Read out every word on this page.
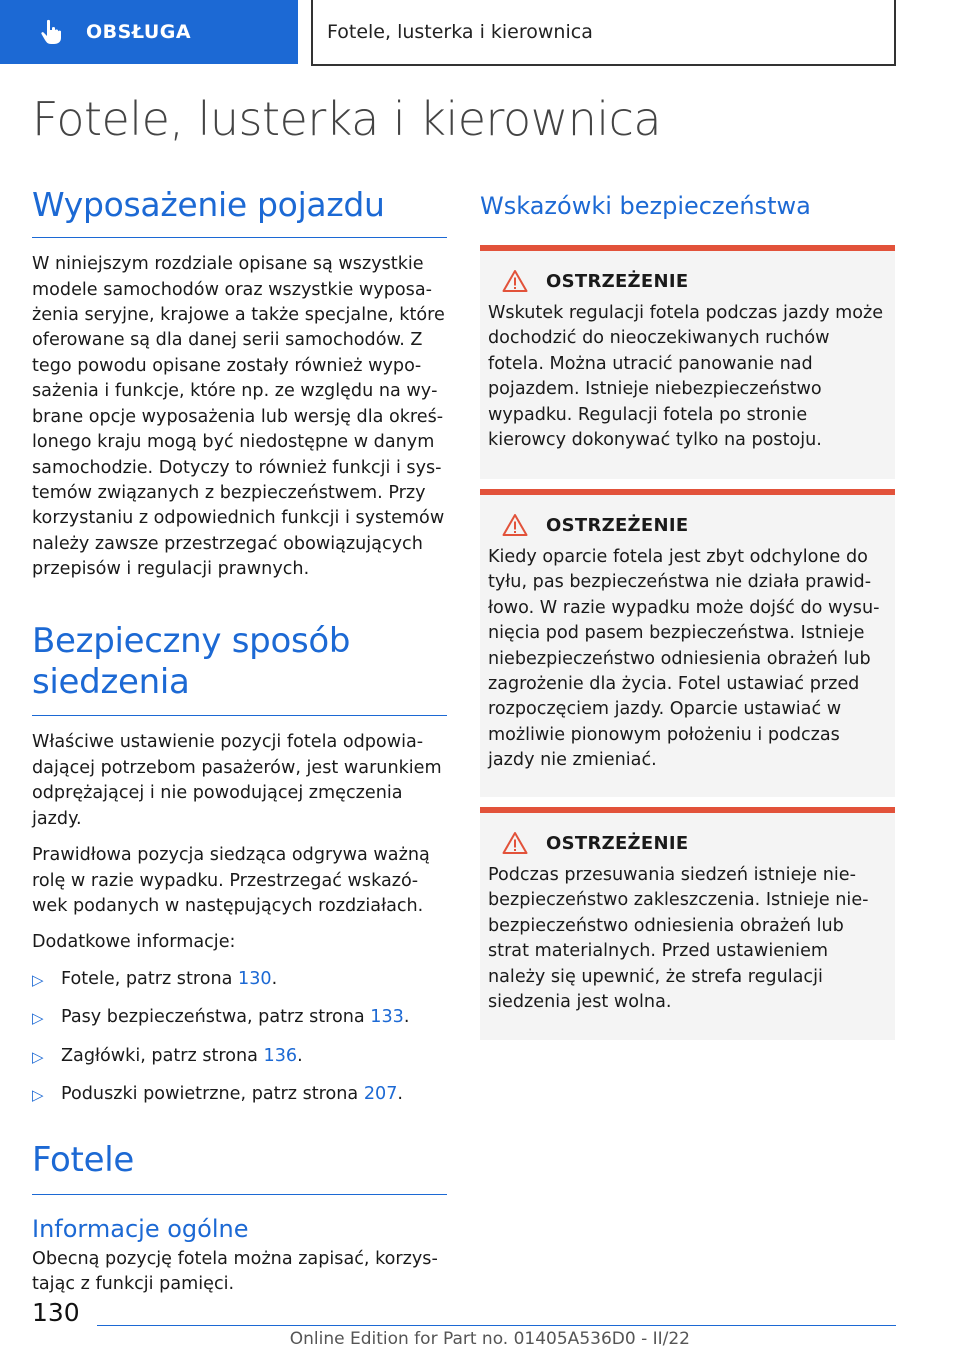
OBSŁUGA	Fotele, lusterka i kierownica
Fotele, lusterka i kierownica
Wyposażenie pojazdu

W niniejszym rozdziale opisane są wszystkie modele samochodów oraz wszystkie wyposażenia seryjne, krajowe a także specjalne, które oferowane są dla danej serii samochodów. Z tego powodu opisane zostały również wyposażenia i funkcje, które np. ze względu na wybrane opcje wyposażenia lub wersję dla określonego kraju mogą być niedostępne w danym samochodzie. Dotyczy to również funkcji i systemów związanych z bezpieczeństwem. Przy korzystaniu z odpowiednich funkcji i systemów należy zawsze przestrzegać obowiązujących przepisów i regulacji prawnych.

Bezpieczny sposób siedzenia

Właściwe ustawienie pozycji fotela odpowiadającej potrzebom pasażerów, jest warunkiem odprężającej i nie powodującej zmęczenia jazdy.

Prawidłowa pozycja siedząca odgrywa ważną rolę w razie wypadku. Przestrzegać wskazówek podanych w następujących rozdziałach.

Dodatkowe informacje:

▷ Fotele, patrz strona 130.
▷ Pasy bezpieczeństwa, patrz strona 133.
▷ Zagłówki, patrz strona 136.
▷ Poduszki powietrzne, patrz strona 207.
Fotele
Informacje ogólne

Obecną pozycję fotela można zapisać, korzystając z funkcji pamięci.

Wskazówki bezpieczeństwa
OSTRZEŻENIE

Wskutek regulacji fotela podczas jazdy może dochodzić do nieoczekiwanych ruchów fotela. Można utracić panowanie nad pojazdem. Istnieje niebezpieczeństwo wypadku. Regulacji fotela po stronie kierowcy dokonywać tylko na postoju.

OSTRZEŻENIE

Kiedy oparcie fotela jest zbyt odchylone do tyłu, pas bezpieczeństwa nie działa prawidłowo. W razie wypadku może dojść do wysunięcia pod pasem bezpieczeństwa. Istnieje niebezpieczeństwo odniesienia obrażeń lub zagrożenie dla życia. Fotel ustawiać przed rozpoczęciem jazdy. Oparcie ustawiać w możliwie pionowym położeniu i podczas jazdy nie zmieniać.

OSTRZEŻENIE

Podczas przesuwania siedzeń istnieje niebezpieczeństwo zakleszczenia. Istnieje niebezpieczeństwo odniesienia obrażeń lub strat materialnych. Przed ustawieniem należy się upewnić, że strefa regulacji siedzenia jest wolna.

130
Online Edition for Part no. 01405A536D0 - II/22
